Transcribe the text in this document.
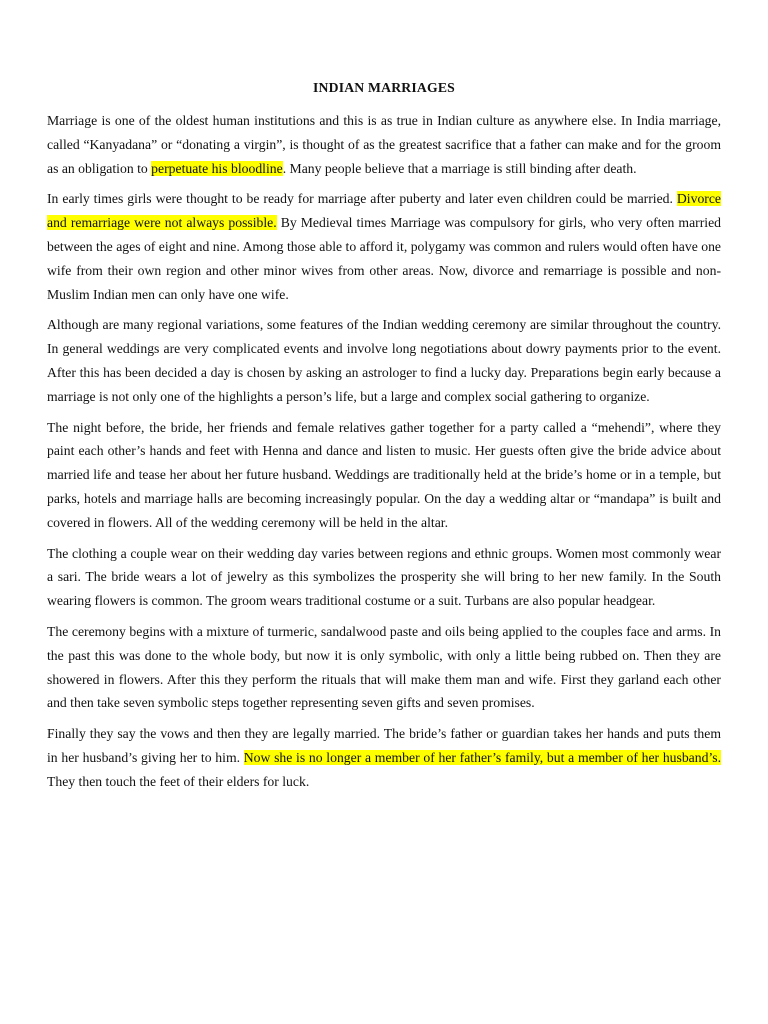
INDIAN MARRIAGES

Marriage is one of the oldest human institutions and this is as true in Indian culture as anywhere else. In India marriage, called “Kanyadana” or “donating a virgin”, is thought of as the greatest sacrifice that a father can make and for the groom as an obligation to perpetuate his bloodline. Many people believe that a marriage is still binding after death.

In early times girls were thought to be ready for marriage after puberty and later even children could be married. Divorce and remarriage were not always possible. By Medieval times Marriage was compulsory for girls, who very often married between the ages of eight and nine. Among those able to afford it, polygamy was common and rulers would often have one wife from their own region and other minor wives from other areas. Now, divorce and remarriage is possible and non-Muslim Indian men can only have one wife.

Although are many regional variations, some features of the Indian wedding ceremony are similar throughout the country. In general weddings are very complicated events and involve long negotiations about dowry payments prior to the event. After this has been decided a day is chosen by asking an astrologer to find a lucky day. Preparations begin early because a marriage is not only one of the highlights a person’s life, but a large and complex social gathering to organize.

The night before, the bride, her friends and female relatives gather together for a party called a “mehendi”, where they paint each other’s hands and feet with Henna and dance and listen to music. Her guests often give the bride advice about married life and tease her about her future husband. Weddings are traditionally held at the bride’s home or in a temple, but parks, hotels and marriage halls are becoming increasingly popular. On the day a wedding altar or “mandapa” is built and covered in flowers. All of the wedding ceremony will be held in the altar.

The clothing a couple wear on their wedding day varies between regions and ethnic groups. Women most commonly wear a sari. The bride wears a lot of jewelry as this symbolizes the prosperity she will bring to her new family. In the South wearing flowers is common. The groom wears traditional costume or a suit. Turbans are also popular headgear.

The ceremony begins with a mixture of turmeric, sandalwood paste and oils being applied to the couples face and arms. In the past this was done to the whole body, but now it is only symbolic, with only a little being rubbed on. Then they are showered in flowers. After this they perform the rituals that will make them man and wife. First they garland each other and then take seven symbolic steps together representing seven gifts and seven promises.

Finally they say the vows and then they are legally married. The bride’s father or guardian takes her hands and puts them in her husband’s giving her to him. Now she is no longer a member of her father’s family, but a member of her husband’s. They then touch the feet of their elders for luck.
